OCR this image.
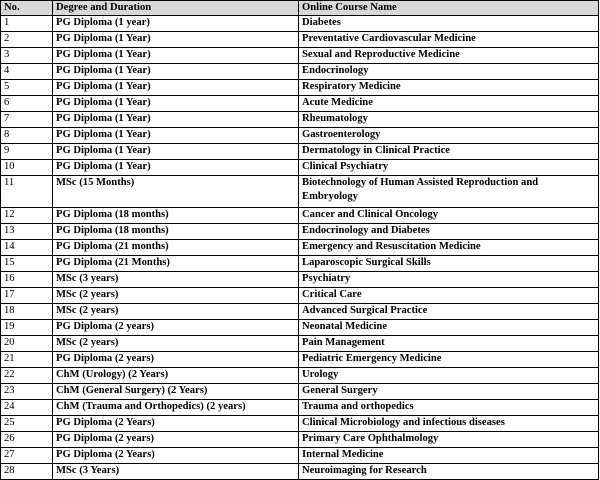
No.	Degree and Duration	Online Course Name
1	PG Diploma (1 year)	Diabetes
2	PG Diploma (1 Year)	Preventative Cardiovascular Medicine
3	PG Diploma (1 Year)	Sexual and Reproductive Medicine
4	PG Diploma (1 Year)	Endocrinology
5	PG Diploma (1 Year)	Respiratory Medicine
6	PG Diploma (1 Year)	Acute Medicine
7	PG Diploma (1 Year)	Rheumatology
8	PG Diploma (1 Year)	Gastroenterology
9	PG Diploma (1 Year)	Dermatology in Clinical Practice
10	PG Diploma (1 Year)	Clinical Psychiatry
11	MSc (15 Months)	Biotechnology of Human Assisted Reproduction and Embryology
12	PG Diploma (18 months)	Cancer and Clinical Oncology
13	PG Diploma (18 months)	Endocrinology and Diabetes
14	PG Diploma (21 months)	Emergency and Resuscitation Medicine
15	PG Diploma (21 Months)	Laparoscopic Surgical Skills
16	MSc (3 years)	Psychiatry
17	MSc (2 years)	Critical Care
18	MSc (2 years)	Advanced Surgical Practice
19	PG Diploma (2 years)	Neonatal Medicine
20	MSc (2 years)	Pain Management
21	PG Diploma (2 years)	Pediatric Emergency Medicine
22	ChM (Urology) (2 Years)	Urology
23	ChM (General Surgery) (2 Years)	General Surgery
24	ChM (Trauma and Orthopedics) (2 years)	Trauma and orthopedics
25	PG Diploma (2 Years)	Clinical Microbiology and infectious diseases
26	PG Diploma (2 years)	Primary Care Ophthalmology
27	PG Diploma (2 Years)	Internal Medicine
28	MSc (3 Years)	Neuroimaging for Research
